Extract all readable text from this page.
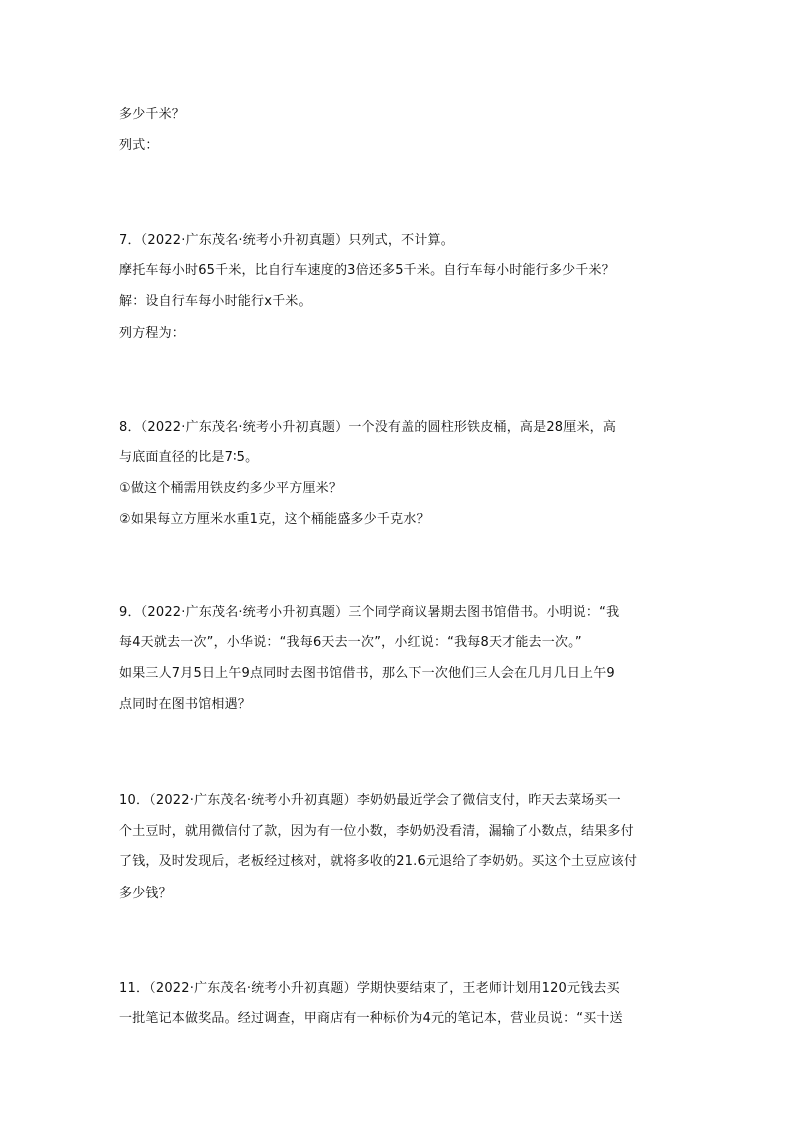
多少千米？
列式：
7．（2022·广东茂名·统考小升初真题）只列式，不计算。
摩托车每小时65千米，比自行车速度的3倍还多5千米。自行车每小时能行多少千米？
解：设自行车每小时能行x千米。
列方程为：
8．（2022·广东茂名·统考小升初真题）一个没有盖的圆柱形铁皮桶，高是28厘米，高
与底面直径的比是7∶5。
①做这个桶需用铁皮约多少平方厘米？
②如果每立方厘米水重1克，这个桶能盛多少千克水？
9．（2022·广东茂名·统考小升初真题）三个同学商议暑期去图书馆借书。小明说：“我
每4天就去一次”，小华说：“我每6天去一次”，小红说：“我每8天才能去一次。”
如果三人7月5日上午9点同时去图书馆借书，那么下一次他们三人会在几月几日上午9
点同时在图书馆相遇？
10．（2022·广东茂名·统考小升初真题）李奶奶最近学会了微信支付，昨天去菜场买一
个土豆时，就用微信付了款，因为有一位小数，李奶奶没看清，漏输了小数点，结果多付
了钱，及时发现后，老板经过核对，就将多收的21.6元退给了李奶奶。买这个土豆应该付
多少钱？
11．（2022·广东茂名·统考小升初真题）学期快要结束了，王老师计划用120元钱去买
一批笔记本做奖品。经过调查，甲商店有一种标价为4元的笔记本，营业员说：“买十送
